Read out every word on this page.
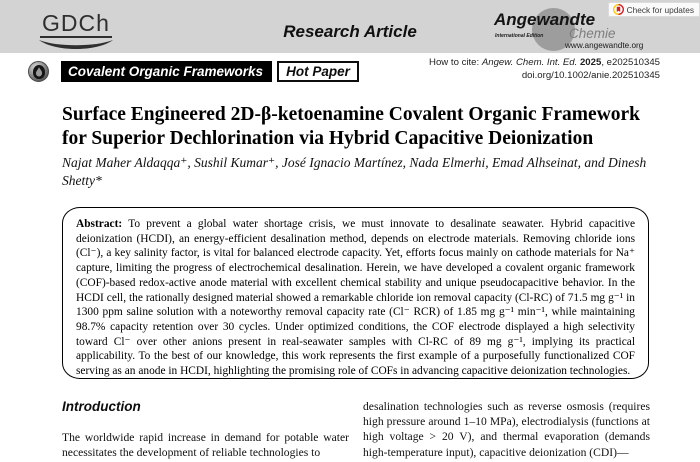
GDCh	Research Article
Angewandte
International Edition Chemie
www.angewandte.org
Check for updates
How to cite: Angew. Chem. Int. Ed. 2025, e202510345
doi.org/10.1002/anie.202510345
Covalent Organic Frameworks	Hot Paper
Surface Engineered 2D-β-ketoenamine Covalent Organic Framework for Superior Dechlorination via Hybrid Capacitive Deionization
Najat Maher Aldaqqa⁺, Sushil Kumar⁺, José Ignacio Martínez, Nada Elmerhi, Emad Alhseinat, and Dinesh Shetty*
Abstract: To prevent a global water shortage crisis, we must innovate to desalinate seawater. Hybrid capacitive deionization (HCDI), an energy-efficient desalination method, depends on electrode materials. Removing chloride ions (Cl⁻), a key salinity factor, is vital for balanced electrode capacity. Yet, efforts focus mainly on cathode materials for Na⁺ capture, limiting the progress of electrochemical desalination. Herein, we have developed a covalent organic framework (COF)-based redox-active anode material with excellent chemical stability and unique pseudocapacitive behavior. In the HCDI cell, the rationally designed material showed a remarkable chloride ion removal capacity (Cl-RC) of 71.5 mg g⁻¹ in 1300 ppm saline solution with a noteworthy removal capacity rate (Cl⁻ RCR) of 1.85 mg g⁻¹ min⁻¹, while maintaining 98.7% capacity retention over 30 cycles. Under optimized conditions, the COF electrode displayed a high selectivity toward Cl⁻ over other anions present in real-seawater samples with Cl-RC of 89 mg g⁻¹, implying its practical applicability. To the best of our knowledge, this work represents the first example of a purposefully functionalized COF serving as an anode in HCDI, highlighting the promising role of COFs in advancing capacitive deionization technologies.
Introduction
The worldwide rapid increase in demand for potable water necessitates the development of reliable technologies to
desalination technologies such as reverse osmosis (requires high pressure around 1–10 MPa), electrodialysis (functions at high voltage > 20 V), and thermal evaporation (demands high-temperature input), capacitive deionization (CDI)—
